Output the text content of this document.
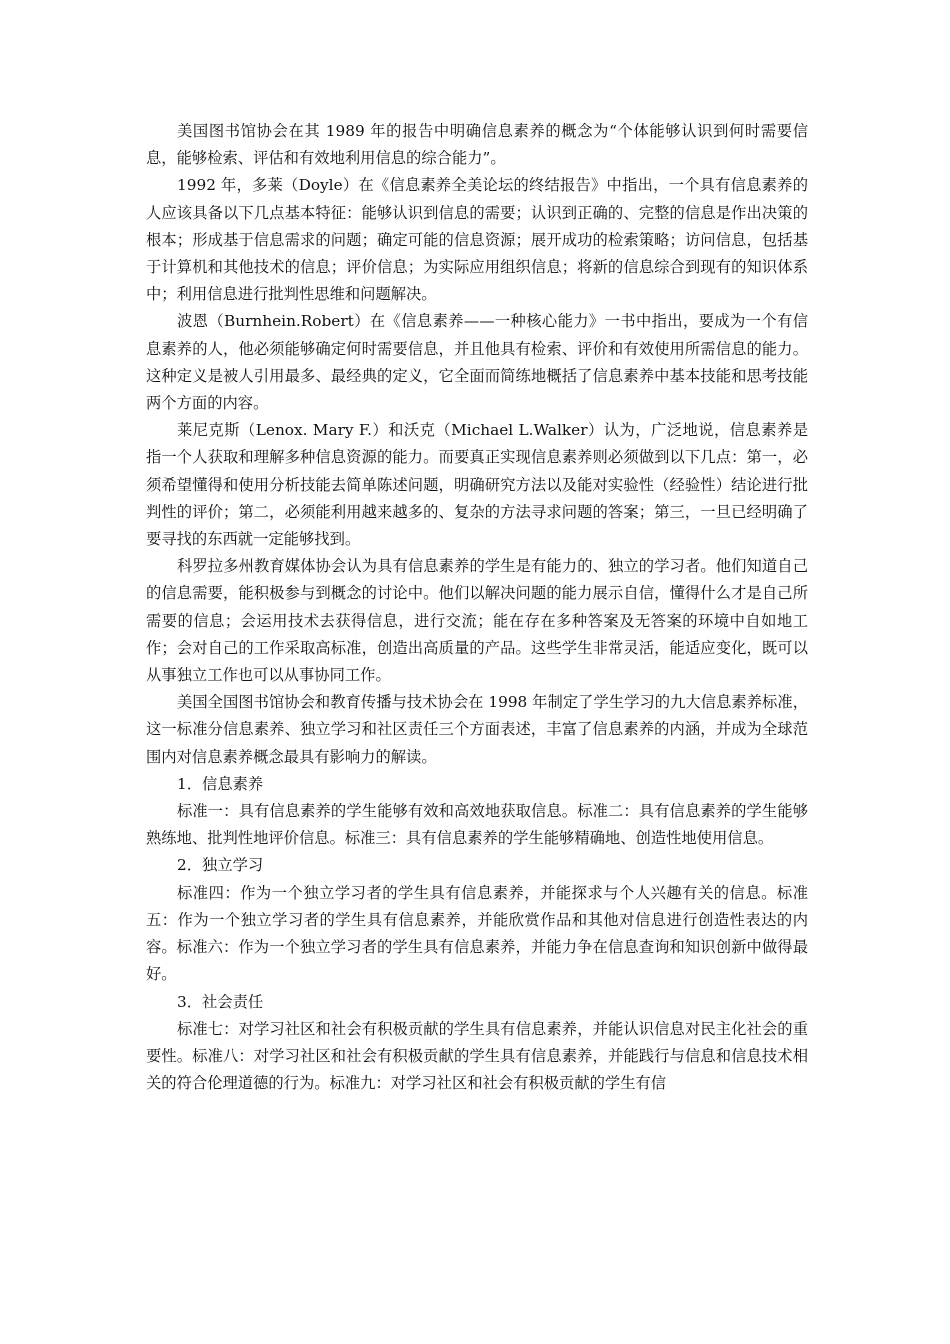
美国图书馆协会在其 1989 年的报告中明确信息素养的概念为“个体能够认识到何时需要信息，能够检索、评估和有效地利用信息的综合能力”。

1992 年，多莱（Doyle）在《信息素养全美论坛的终结报告》中指出，一个具有信息素养的人应该具备以下几点基本特征：能够认识到信息的需要；认识到正确的、完整的信息是作出决策的根本；形成基于信息需求的问题；确定可能的信息资源；展开成功的检索策略；访问信息，包括基于计算机和其他技术的信息；评价信息；为实际应用组织信息；将新的信息综合到现有的知识体系中；利用信息进行批判性思维和问题解决。

波恩（Burnhein.Robert）在《信息素养——一种核心能力》一书中指出，要成为一个有信息素养的人，他必须能够确定何时需要信息，并且他具有检索、评价和有效使用所需信息的能力。这种定义是被人引用最多、最经典的定义，它全面而简练地概括了信息素养中基本技能和思考技能两个方面的内容。

莱尼克斯（Lenox. Mary F.）和沃克（Michael L.Walker）认为，广泛地说，信息素养是指一个人获取和理解多种信息资源的能力。而要真正实现信息素养则必须做到以下几点：第一，必须希望懂得和使用分析技能去简单陈述问题，明确研究方法以及能对实验性（经验性）结论进行批判性的评价；第二，必须能利用越来越多的、复杂的方法寻求问题的答案；第三，一旦已经明确了要寻找的东西就一定能够找到。

科罗拉多州教育媒体协会认为具有信息素养的学生是有能力的、独立的学习者。他们知道自己的信息需要，能积极参与到概念的讨论中。他们以解决问题的能力展示自信，懂得什么才是自己所需要的信息；会运用技术去获得信息，进行交流；能在存在多种答案及无答案的环境中自如地工作；会对自己的工作采取高标准，创造出高质量的产品。这些学生非常灵活，能适应变化，既可以从事独立工作也可以从事协同工作。

美国全国图书馆协会和教育传播与技术协会在 1998 年制定了学生学习的九大信息素养标准，这一标准分信息素养、独立学习和社区责任三个方面表述，丰富了信息素养的内涵，并成为全球范围内对信息素养概念最具有影响力的解读。

1．信息素养

标准一：具有信息素养的学生能够有效和高效地获取信息。标准二：具有信息素养的学生能够熟练地、批判性地评价信息。标准三：具有信息素养的学生能够精确地、创造性地使用信息。

2．独立学习

标准四：作为一个独立学习者的学生具有信息素养，并能探求与个人兴趣有关的信息。标准五：作为一个独立学习者的学生具有信息素养，并能欣赏作品和其他对信息进行创造性表达的内容。标准六：作为一个独立学习者的学生具有信息素养，并能力争在信息查询和知识创新中做得最好。

3．社会责任

标准七：对学习社区和社会有积极贡献的学生具有信息素养，并能认识信息对民主化社会的重要性。标准八：对学习社区和社会有积极贡献的学生具有信息素养，并能践行与信息和信息技术相关的符合伦理道德的行为。标准九：对学习社区和社会有积极贡献的学生有信
